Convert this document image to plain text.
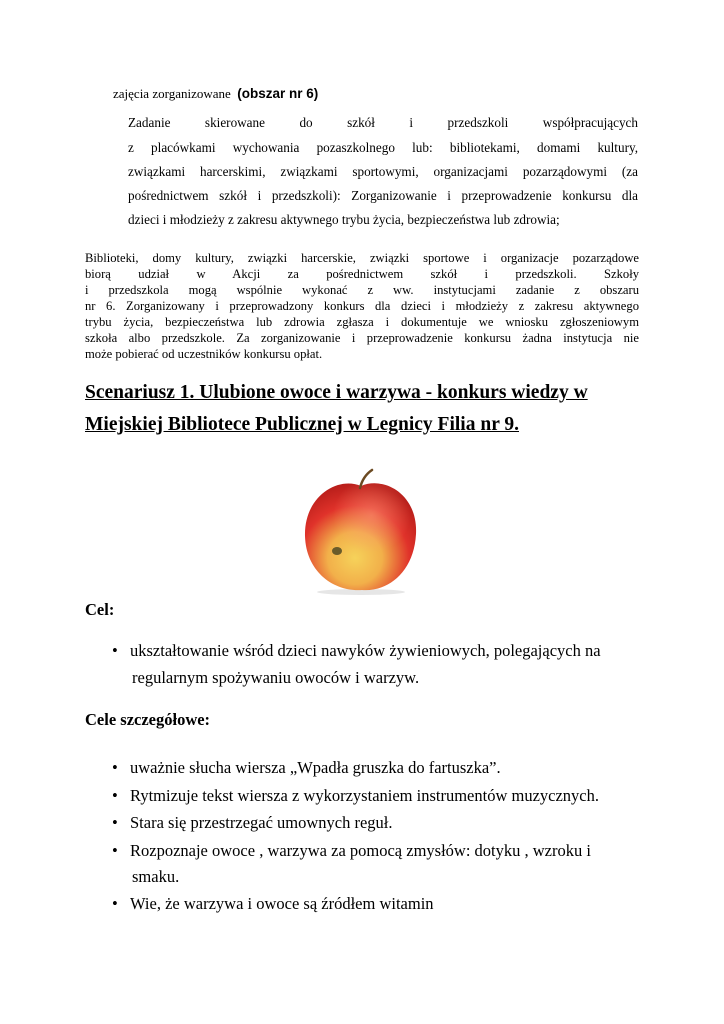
zajęcia zorganizowane (obszar nr 6)
Zadanie skierowane do szkół i przedszkoli współpracujących
z placówkami wychowania pozaszkolnego lub: bibliotekami, domami kultury,
związkami harcerskimi, związkami sportowymi, organizacjami pozarządowymi (za
pośrednictwem szkół i przedszkoli): Zorganizowanie i przeprowadzenie konkursu dla
dzieci i młodzieży z zakresu aktywnego trybu życia, bezpieczeństwa lub zdrowia;
Biblioteki, domy kultury, związki harcerskie, związki sportowe i organizacje pozarządowe
biorą udział w Akcji za pośrednictwem szkół i przedszkoli. Szkoły
i przedszkola mogą wspólnie wykonać z ww. instytucjami zadanie z obszaru
nr 6. Zorganizowany i przeprowadzony konkurs dla dzieci i młodzieży z zakresu aktywnego
trybu życia, bezpieczeństwa lub zdrowia zgłasza i dokumentuje we wniosku zgłoszeniowym
szkoła albo przedszkole. Za zorganizowanie i przeprowadzenie konkursu żadna instytucja nie
może pobierać od uczestników konkursu opłat.
Scenariusz 1. Ulubione owoce i warzywa - konkurs wiedzy w
Miejskiej Bibliotece Publicznej w Legnicy Filia nr 9.
Cel:
• ukształtowanie wśród dzieci nawyków żywieniowych, polegających na
regularnym spożywaniu owoców i warzyw.
Cele szczegółowe:
• uważnie słucha wiersza „Wpadła gruszka do fartuszka”.
• Rytmizuje tekst wiersza z wykorzystaniem instrumentów muzycznych.
• Stara się przestrzegać umownych reguł.
• Rozpoznaje owoce , warzywa za pomocą zmysłów: dotyku , wzroku i
smaku.
• Wie, że warzywa i owoce są źródłem witamin
